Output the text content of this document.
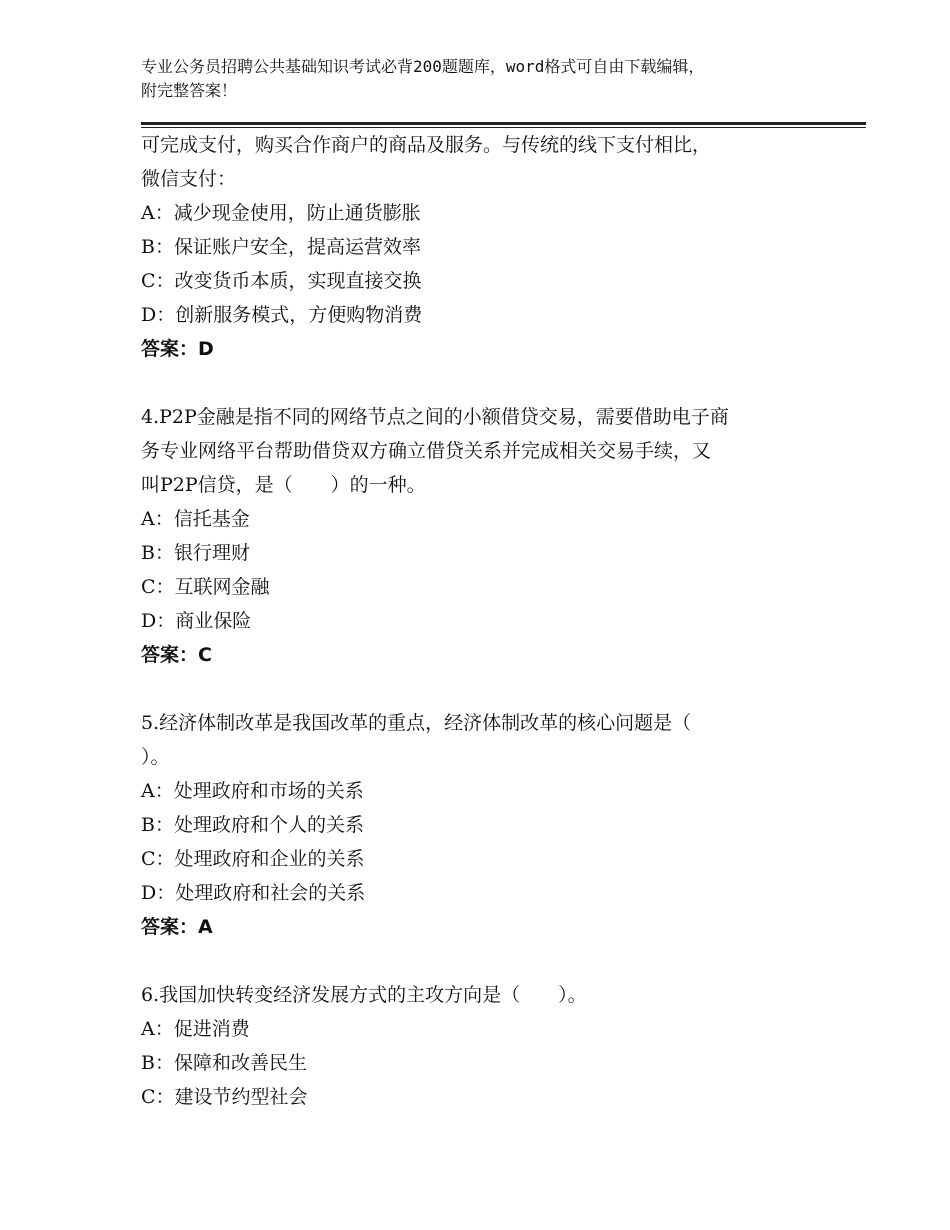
专业公务员招聘公共基础知识考试必背200题题库，word格式可自由下载编辑，
附完整答案！
可完成支付，购买合作商户的商品及服务。与传统的线下支付相比，
微信支付：
A：减少现金使用，防止通货膨胀
B：保证账户安全，提高运营效率
C：改变货币本质，实现直接交换
D：创新服务模式，方便购物消费
答案：D
4.P2P金融是指不同的网络节点之间的小额借贷交易，需要借助电子商
务专业网络平台帮助借贷双方确立借贷关系并完成相关交易手续，又
叫P2P信贷，是（　　）的一种。
A：信托基金
B：银行理财
C：互联网金融
D：商业保险
答案：C
5.经济体制改革是我国改革的重点，经济体制改革的核心问题是（
）。
A：处理政府和市场的关系
B：处理政府和个人的关系
C：处理政府和企业的关系
D：处理政府和社会的关系
答案：A
6.我国加快转变经济发展方式的主攻方向是（　　）。
A：促进消费
B：保障和改善民生
C：建设节约型社会
